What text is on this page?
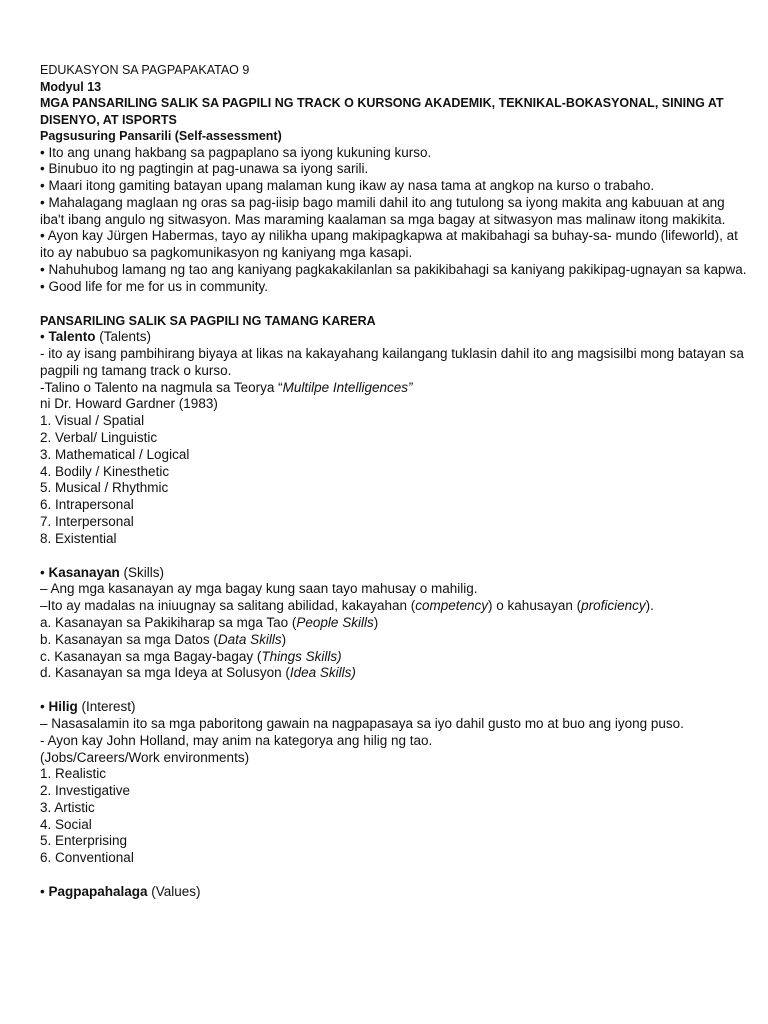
EDUKASYON SA PAGPAPAKATAO 9

Modyul 13

MGA PANSARILING SALIK SA PAGPILI NG TRACK O KURSONG AKADEMIK, TEKNIKAL-BOKASYONAL, SINING AT DISENYO, AT ISPORTS

Pagsusuring Pansarili (Self-assessment)

• Ito ang unang hakbang sa pagpaplano sa iyong kukuning kurso.

• Binubuo ito ng pagtingin at pag-unawa sa iyong sarili.

• Maari itong gamiting batayan upang malaman kung ikaw ay nasa tama at angkop na kurso o trabaho.

• Mahalagang maglaan ng oras sa pag-iisip bago mamili dahil ito ang tutulong sa iyong makita ang kabuuan at ang iba't ibang angulo ng sitwasyon. Mas maraming kaalaman sa mga bagay at sitwasyon mas malinaw itong makikita.

• Ayon kay Jürgen Habermas, tayo ay nilikha upang makipagkapwa at makibahagi sa buhay-sa- mundo (lifeworld), at ito ay nabubuo sa pagkomunikasyon ng kaniyang mga kasapi.

• Nahuhubog lamang ng tao ang kaniyang pagkakakilanlan sa pakikibahagi sa kaniyang pakikipag-ugnayan sa kapwa.

• Good life for me for us in community.

PANSARILING SALIK SA PAGPILI NG TAMANG KARERA

• Talento (Talents)

- ito ay isang pambihirang biyaya at likas na kakayahang kailangang tuklasin dahil ito ang magsisilbi mong batayan sa pagpili ng tamang track o kurso.

-Talino o Talento na nagmula sa Teorya “Multilpe Intelligences”

ni Dr. Howard Gardner (1983)

1. Visual / Spatial

2. Verbal/ Linguistic

3. Mathematical / Logical

4. Bodily / Kinesthetic

5. Musical / Rhythmic

6. Intrapersonal

7. Interpersonal

8. Existential

• Kasanayan (Skills)

– Ang mga kasanayan ay mga bagay kung saan tayo mahusay o mahilig.

–Ito ay madalas na iniuugnay sa salitang abilidad, kakayahan (competency) o kahusayan (proficiency).

a. Kasanayan sa Pakikiharap sa mga Tao (People Skills)

b. Kasanayan sa mga Datos (Data Skills)

c. Kasanayan sa mga Bagay-bagay (Things Skills)

d. Kasanayan sa mga Ideya at Solusyon (Idea Skills)

• Hilig (Interest)

– Nasasalamin ito sa mga paboritong gawain na nagpapasaya sa iyo dahil gusto mo at buo ang iyong puso.

- Ayon kay John Holland, may anim na kategorya ang hilig ng tao.

(Jobs/Careers/Work environments)

1. Realistic

2. Investigative

3. Artistic

4. Social

5. Enterprising

6. Conventional

• Pagpapahalaga (Values)
